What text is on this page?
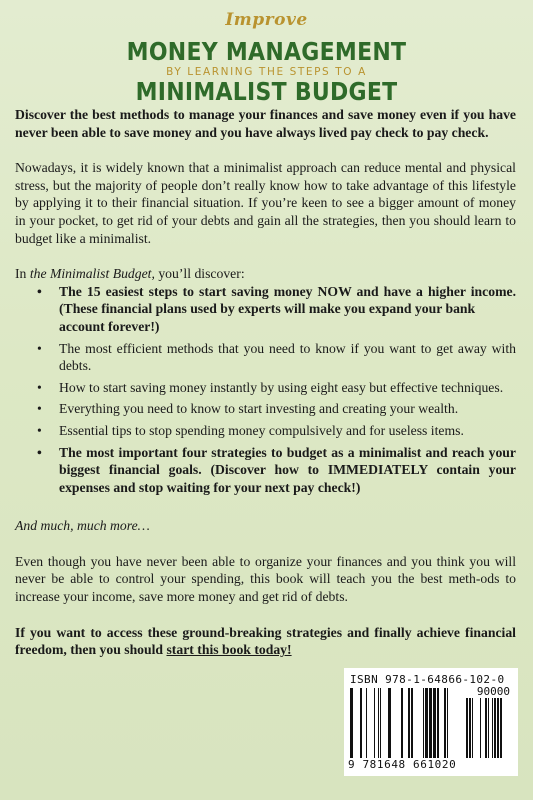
Improve
MONEY MANAGEMENT
BY LEARNING THE STEPS TO A
MINIMALIST BUDGET

Discover the best methods to manage your finances and save money even if you have never been able to save money and you have always lived pay check to pay check.

Nowadays, it is widely known that a minimalist approach can reduce mental and physical stress, but the majority of people don’t really know how to take advantage of this lifestyle by applying it to their financial situation. If you’re keen to see a bigger amount of money in your pocket, to get rid of your debts and gain all the strategies, then you should learn to budget like a minimalist.

In the Minimalist Budget, you’ll discover:

• The 15 easiest steps to start saving money NOW and have a higher income. (These financial plans used by experts will make you expand your bank
account forever!)
• The most efficient methods that you need to know if you want to get away with debts.
• How to start saving money instantly by using eight easy but effective techniques.
• Everything you need to know to start investing and creating your wealth.
• Essential tips to stop spending money compulsively and for useless items.
• The most important four strategies to budget as a minimalist and reach your biggest financial goals. (Discover how to IMMEDIATELY contain your expenses and stop waiting for your next pay check!)

And much, much more…

Even though you have never been able to organize your finances and you think you will never be able to control your spending, this book will teach you the best meth-ods to increase your income, save more money and get rid of debts.

If you want to access these ground-breaking strategies and finally achieve financial freedom, then you should start this book today!

ISBN 978-1-64866-102-0
90000
9 781648 661020
